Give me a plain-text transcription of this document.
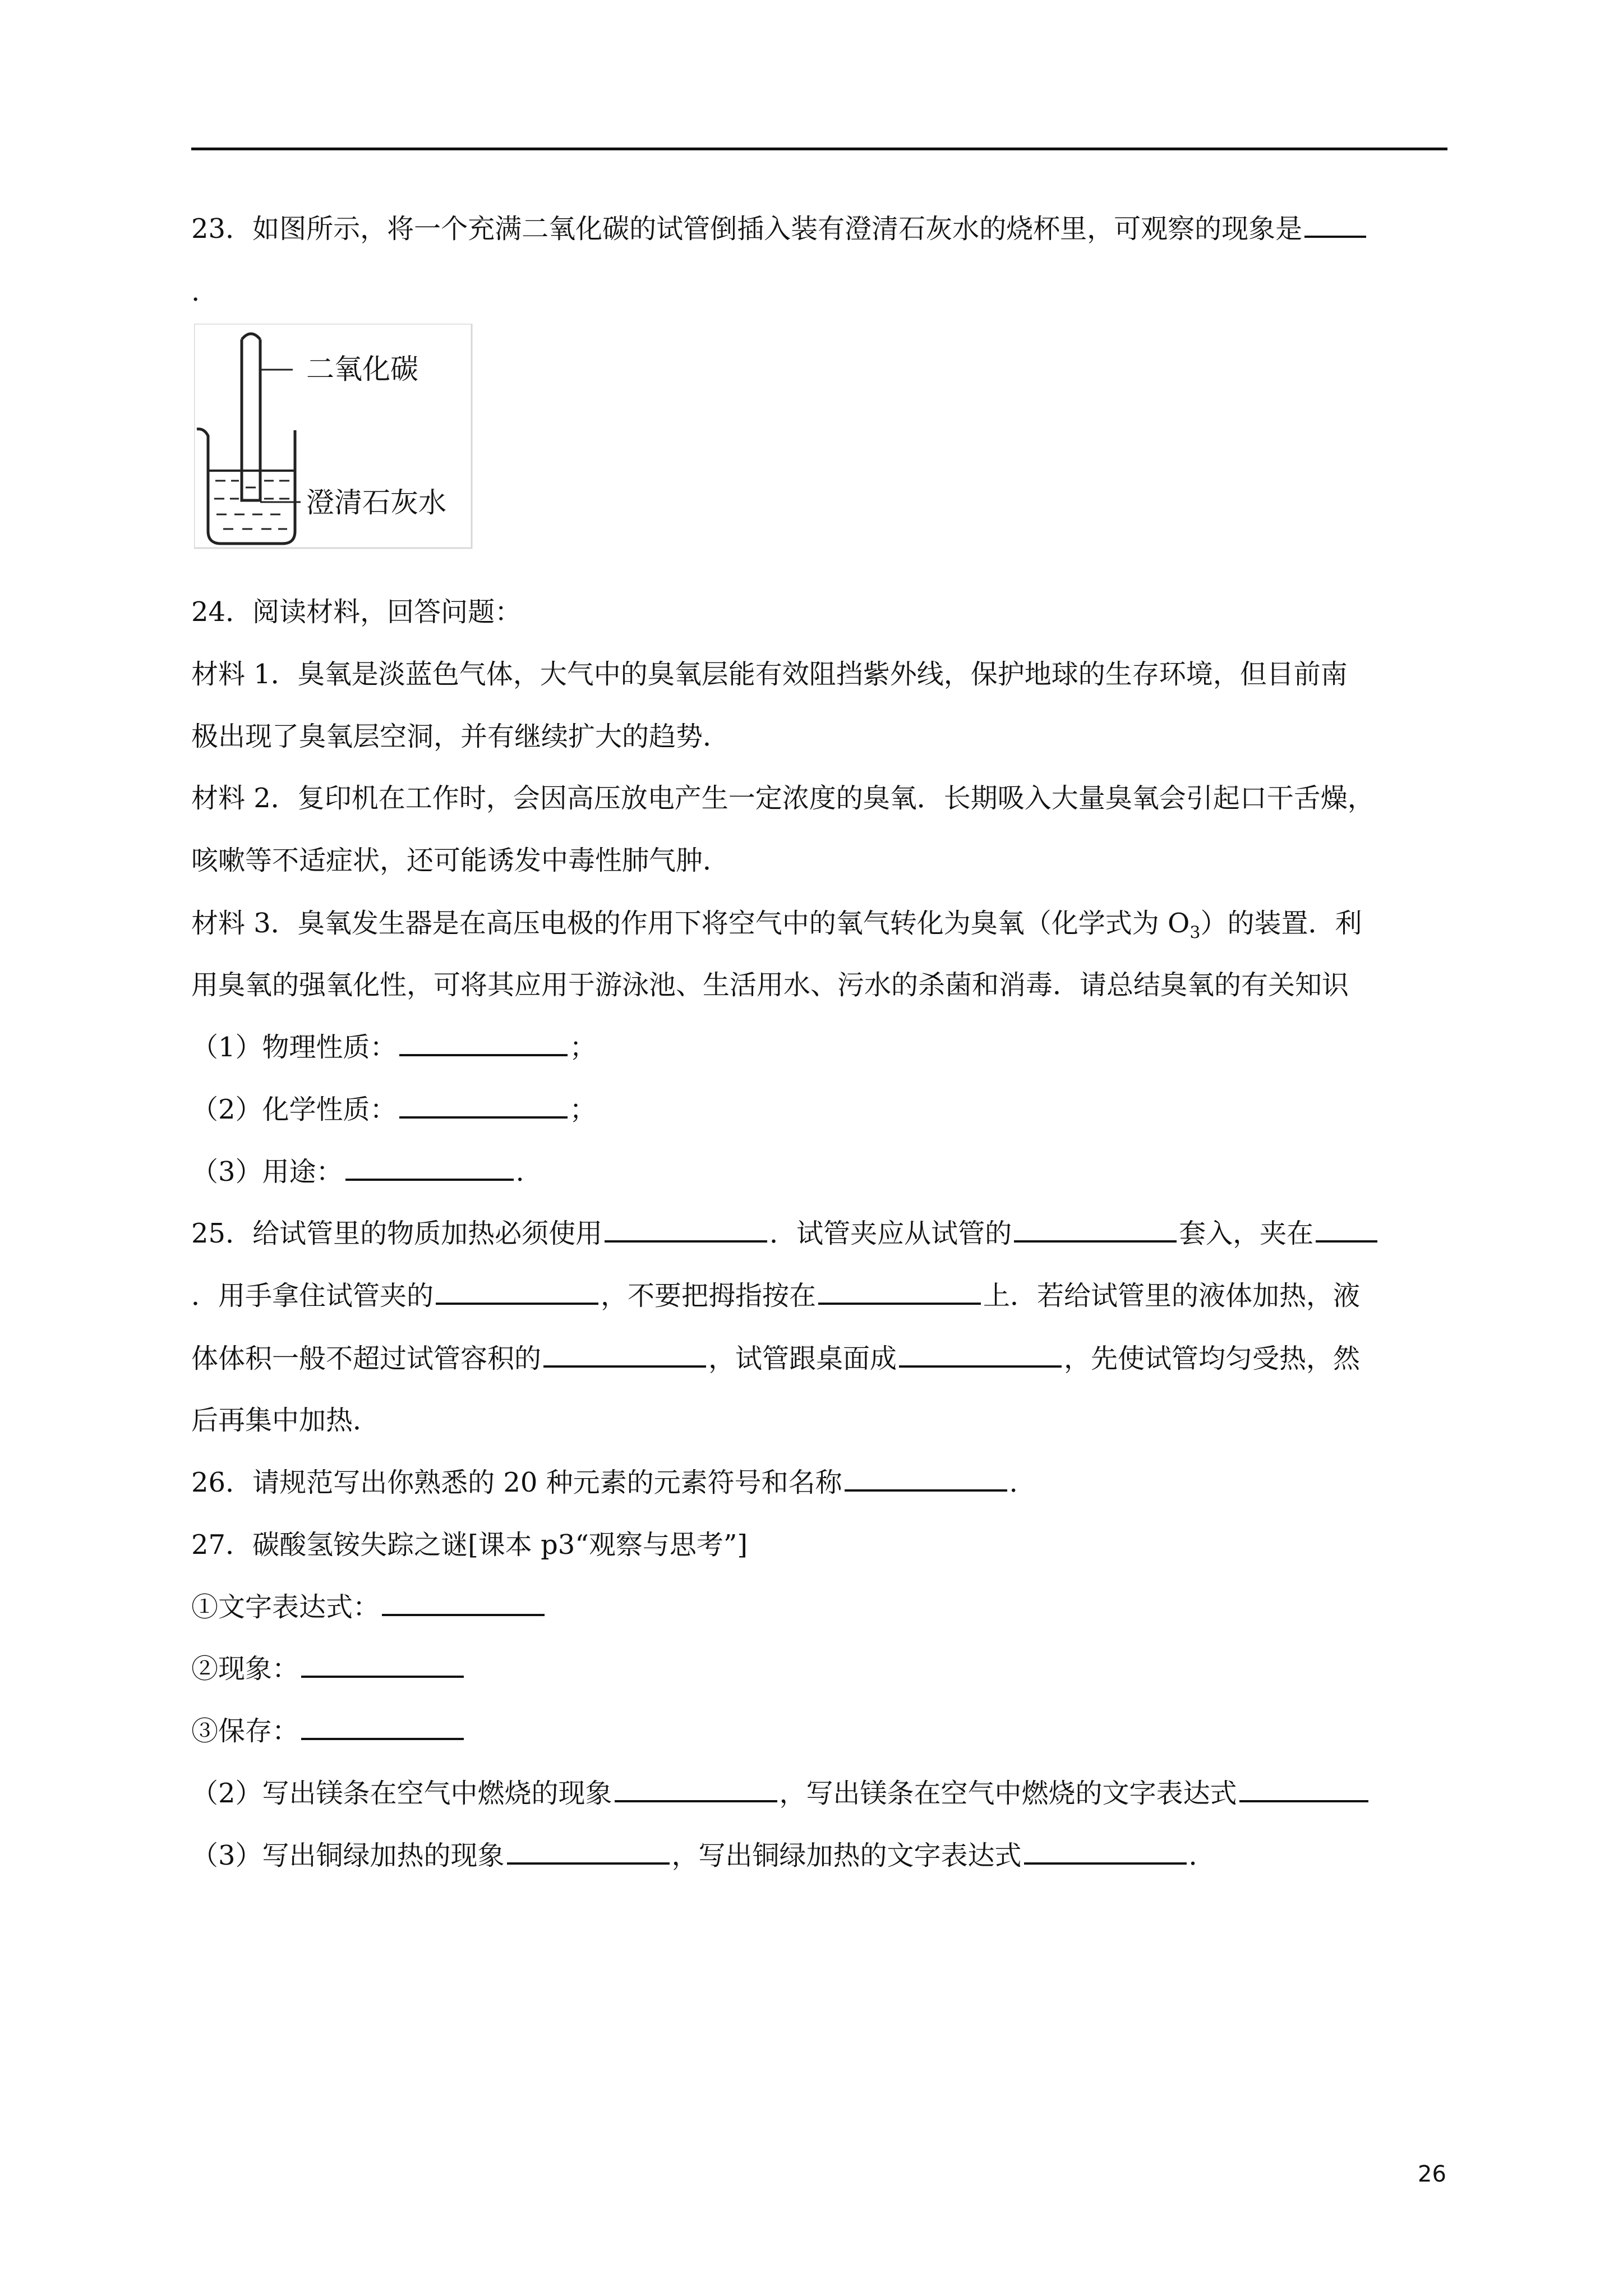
23．如图所示，将一个充满二氧化碳的试管倒插入装有澄清石灰水的烧杯里，可观察的现象是
.
二氧化碳
澄清石灰水
24．阅读材料，回答问题：
材料 1．臭氧是淡蓝色气体，大气中的臭氧层能有效阻挡紫外线，保护地球的生存环境，但目前南
极出现了臭氧层空洞，并有继续扩大的趋势．
材料 2．复印机在工作时，会因高压放电产生一定浓度的臭氧．长期吸入大量臭氧会引起口干舌燥，
咳嗽等不适症状，还可能诱发中毒性肺气肿．
材料 3．臭氧发生器是在高压电极的作用下将空气中的氧气转化为臭氧（化学式为 $O_3$）的装置．利
用臭氧的强氧化性，可将其应用于游泳池、生活用水、污水的杀菌和消毒．请总结臭氧的有关知识
（1）物理性质：	；
（2）化学性质：	；
（3）用途：	.
25．给试管里的物质加热必须使用	．试管夹应从试管的	套入，夹在
．用手拿住试管夹的	，不要把拇指按在	上．若给试管里的液体加热，液
体体积一般不超过试管容积的	，试管跟桌面成	，先使试管均匀受热，然
后再集中加热．
26．请规范写出你熟悉的 20 种元素的元素符号和名称	．
27．碳酸氢铵失踪之谜[课本 p3“观察与思考”]
①文字表达式：
②现象：
③保存：
（2）写出镁条在空气中燃烧的现象	，写出镁条在空气中燃烧的文字表达式
（3）写出铜绿加热的现象	，写出铜绿加热的文字表达式	．
26
